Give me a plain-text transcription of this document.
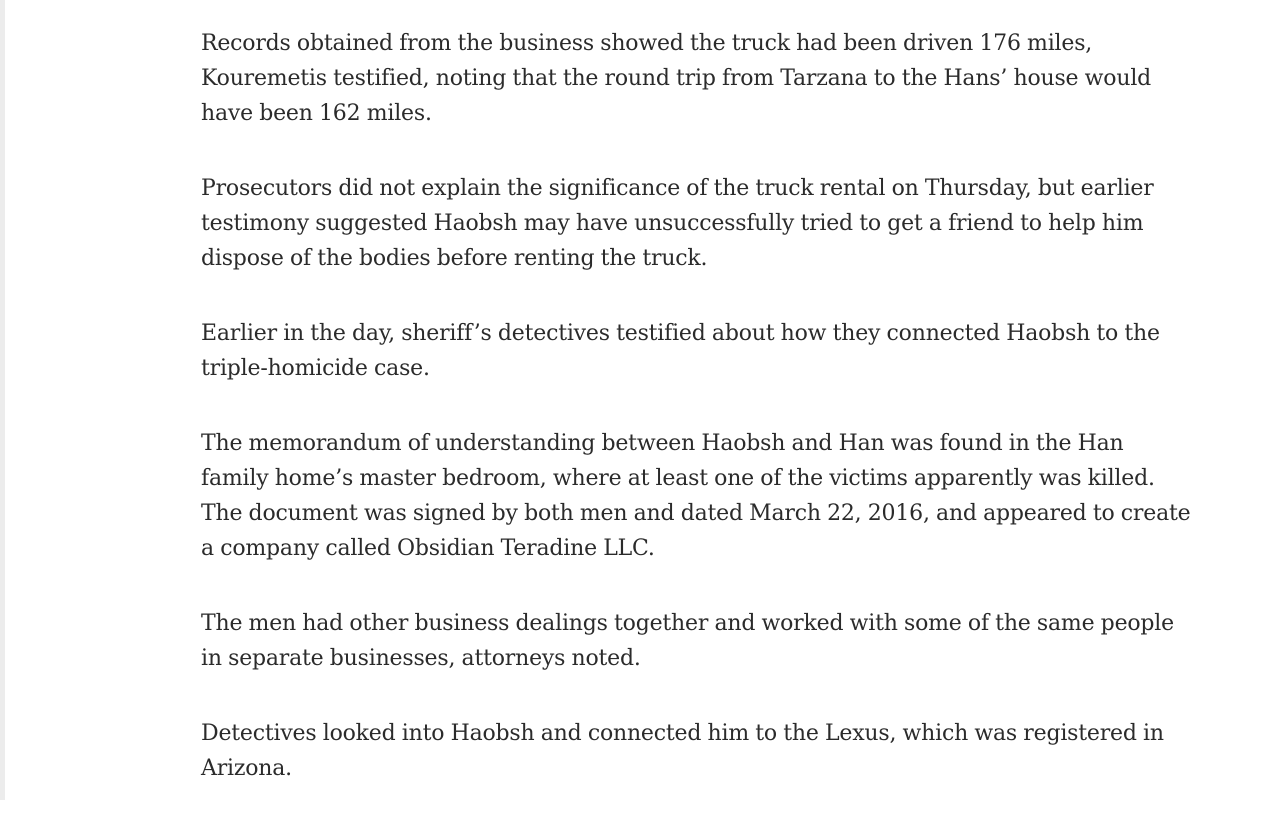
Records obtained from the business showed the truck had been driven 176 miles, Kouremetis testified, noting that the round trip from Tarzana to the Hans’ house would have been 162 miles.

Prosecutors did not explain the significance of the truck rental on Thursday, but earlier testimony suggested Haobsh may have unsuccessfully tried to get a friend to help him dispose of the bodies before renting the truck.

Earlier in the day, sheriff’s detectives testified about how they connected Haobsh to the triple-homicide case.

The memorandum of understanding between Haobsh and Han was found in the Han family home’s master bedroom, where at least one of the victims apparently was killed. The document was signed by both men and dated March 22, 2016, and appeared to create a company called Obsidian Teradine LLC.

The men had other business dealings together and worked with some of the same people in separate businesses, attorneys noted.

Detectives looked into Haobsh and connected him to the Lexus, which was registered in Arizona.
